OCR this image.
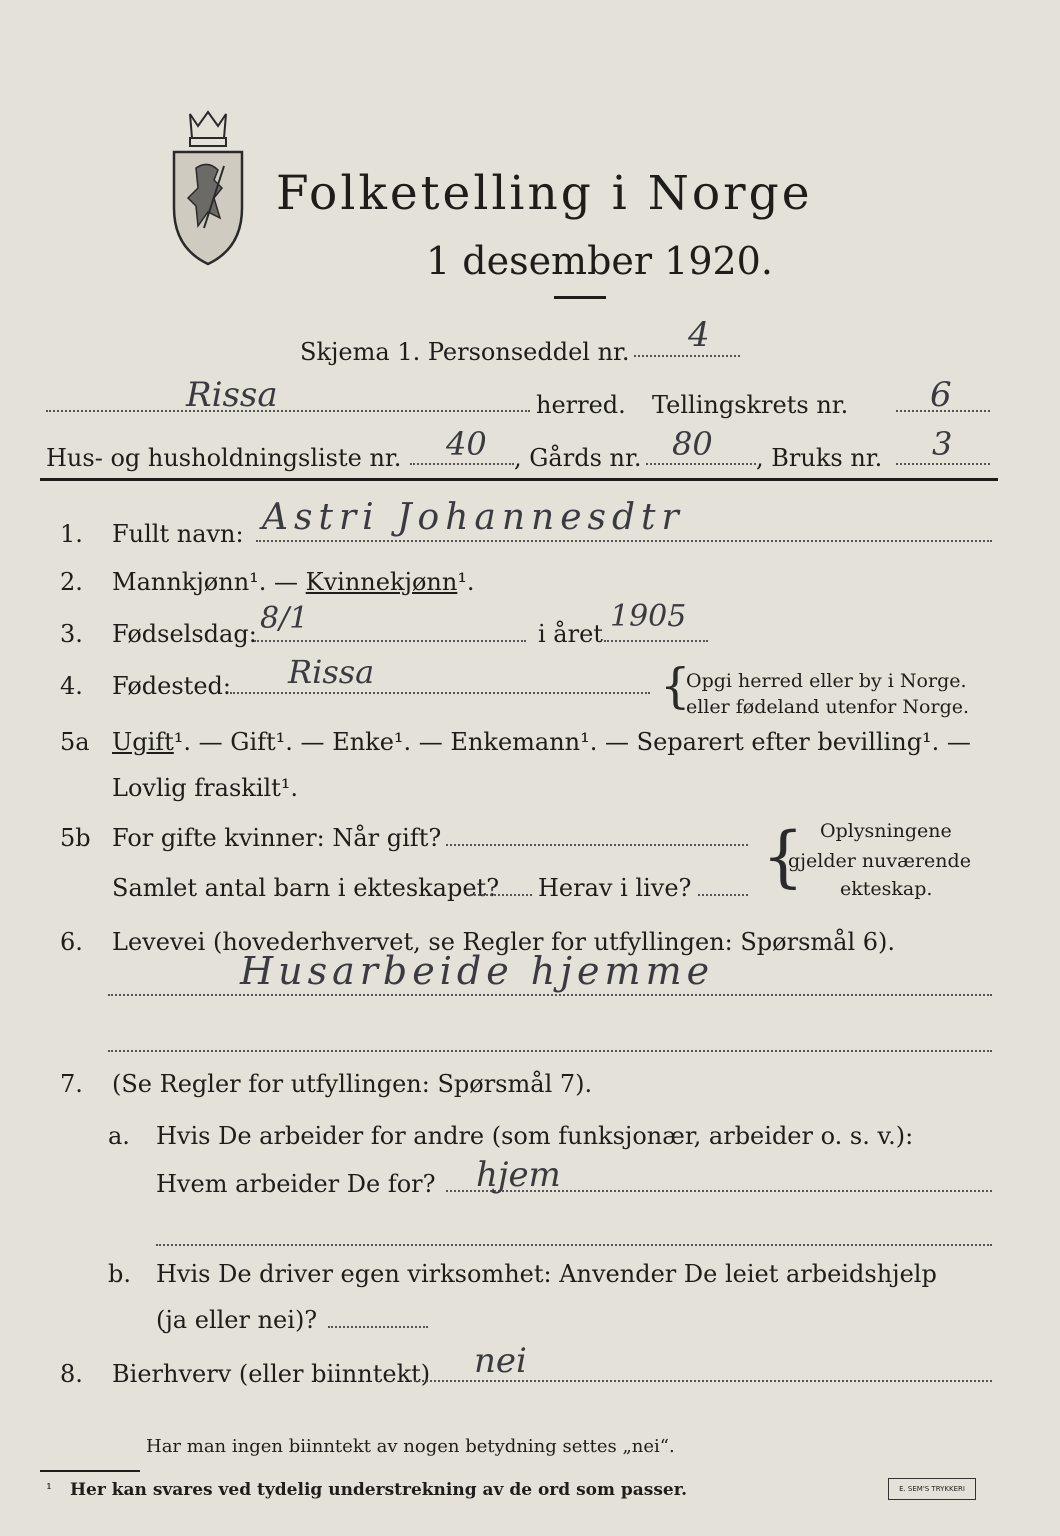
Folketelling i Norge
1 desember 1920.
Skjema 1. Personseddel nr. 4
Rissa	herred. Tellingskrets nr. 6
Hus- og husholdningsliste nr. 40 , Gårds nr. 80 , Bruks nr. 3
1. Fullt navn: Astri Johannesdtr
2. Mannkjønn¹. — Kvinnekjønn¹.
3. Fødselsdag: 8/1	i året 1905
4. Fødested: Rissa	{
Opgi herred eller by i Norge.
eller fødeland utenfor Norge.
5a Ugift¹. — Gift¹. — Enke¹. — Enkemann¹. — Separert efter bevilling¹. —
Lovlig fraskilt¹.
5b For gifte kvinner: Når gift?
Samlet antal barn i ekteskapet? Herav i live? { Oplysningene
gjelder nuværende
ekteskap.
6. Levevei (hovederhvervet, se Regler for utfyllingen: Spørsmål 6).
Husarbeide hjemme
7. (Se Regler for utfyllingen: Spørsmål 7).
a. Hvis De arbeider for andre (som funksjonær, arbeider o. s. v.):
Hvem arbeider De for? hjem
b. Hvis De driver egen virksomhet: Anvender De leiet arbeidshjelp
(ja eller nei)?
8. Bierhverv (eller biinntekt) nei
Har man ingen biinntekt av nogen betydning settes „nei“.
¹ Her kan svares ved tydelig understrekning av de ord som passer.	E. SEM'S TRYKKERI
